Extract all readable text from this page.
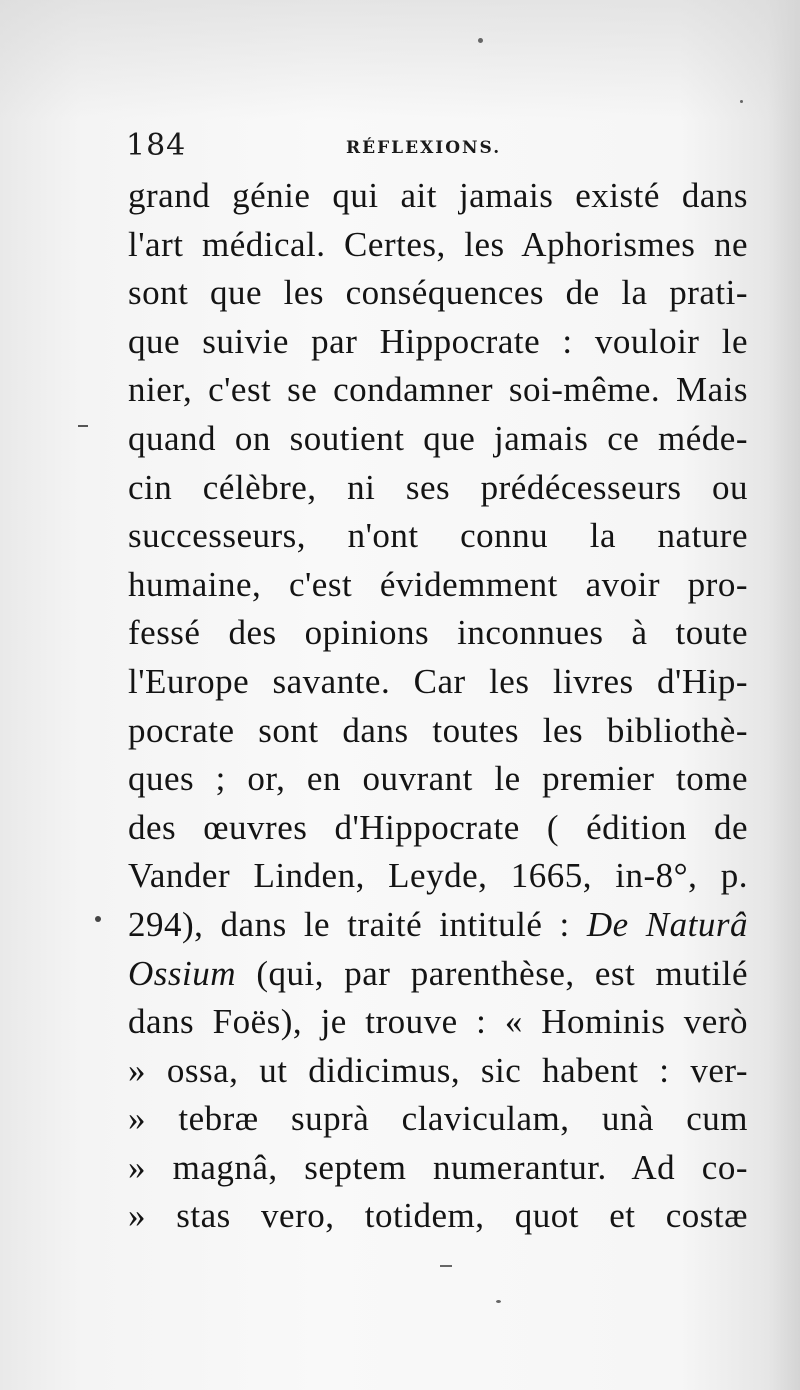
184	RÉFLEXIONS.
grand génie qui ait jamais existé dans
l'art médical. Certes, les Aphorismes ne
sont que les conséquences de la prati-
que suivie par Hippocrate : vouloir le
nier, c'est se condamner soi-même. Mais
quand on soutient que jamais ce méde-
cin célèbre, ni ses prédécesseurs ou
successeurs, n'ont connu la nature
humaine, c'est évidemment avoir pro-
fessé des opinions inconnues à toute
l'Europe savante. Car les livres d'Hip-
pocrate sont dans toutes les bibliothè-
ques ; or, en ouvrant le premier tome
des œuvres d'Hippocrate ( édition de
Vander Linden, Leyde, 1665, in-8°, p.
294), dans le traité intitulé : De Naturâ
Ossium (qui, par parenthèse, est mutilé
dans Foës), je trouve : « Hominis verò
» ossa, ut didicimus, sic habent : ver-
» tebræ suprà claviculam, unà cum
» magnâ, septem numerantur. Ad co-
» stas vero, totidem, quot et costæ
